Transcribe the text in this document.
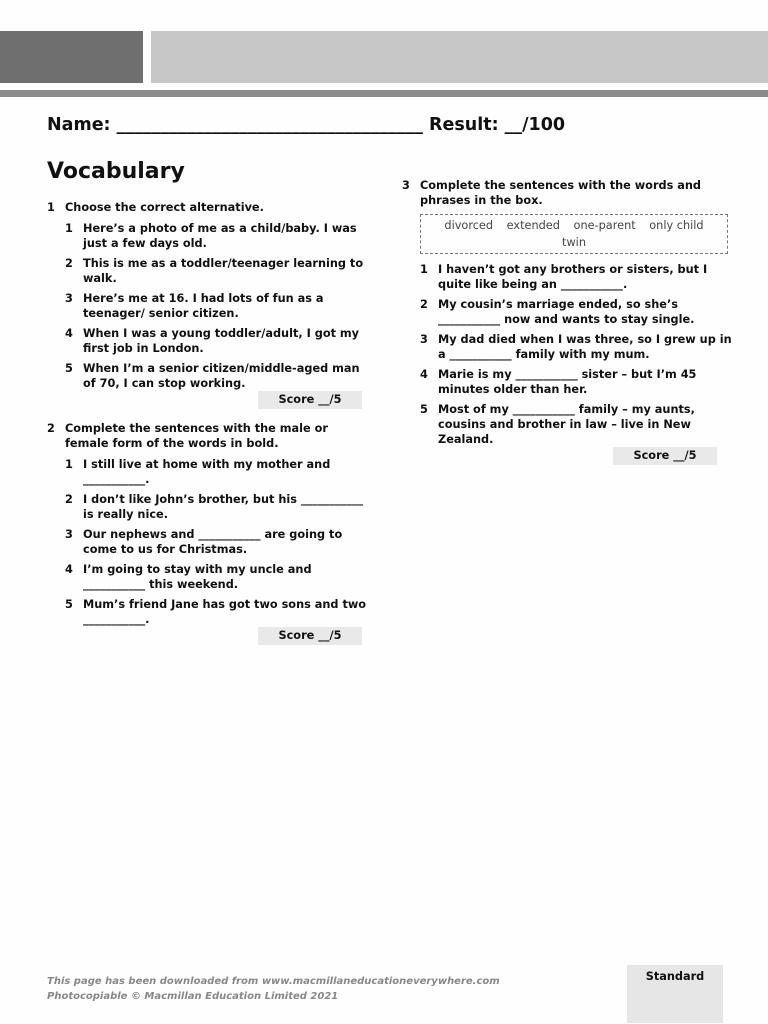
Name: ___________________________________ Result: __/100
Vocabulary
1 Choose the correct alternative.
1 Here’s a photo of me as a child/baby. I was just a few days old.
2 This is me as a toddler/teenager learning to walk.
3 Here’s me at 16. I had lots of fun as a teenager/ senior citizen.
4 When I was a young toddler/adult, I got my first job in London.
5 When I’m a senior citizen/middle-aged man of 70, I can stop working.
Score __/5
2 Complete the sentences with the male or female form of the words in bold.
1 I still live at home with my mother and ___________.
2 I don’t like John’s brother, but his ___________ is really nice.
3 Our nephews and ___________ are going to come to us for Christmas.
4 I’m going to stay with my uncle and ___________ this weekend.
5 Mum’s friend Jane has got two sons and two ___________.
Score __/5
3 Complete the sentences with the words and phrases in the box.
divorced extended one-parent only child twin
1 I haven’t got any brothers or sisters, but I quite like being an ___________.
2 My cousin’s marriage ended, so she’s ___________ now and wants to stay single.
3 My dad died when I was three, so I grew up in a ___________ family with my mum.
4 Marie is my ___________ sister – but I’m 45 minutes older than her.
5 Most of my ___________ family – my aunts, cousins and brother in law – live in New Zealand.
Score __/5
This page has been downloaded from www.macmillaneducationeverywhere.com
Photocopiable © Macmillan Education Limited 2021
Standard
